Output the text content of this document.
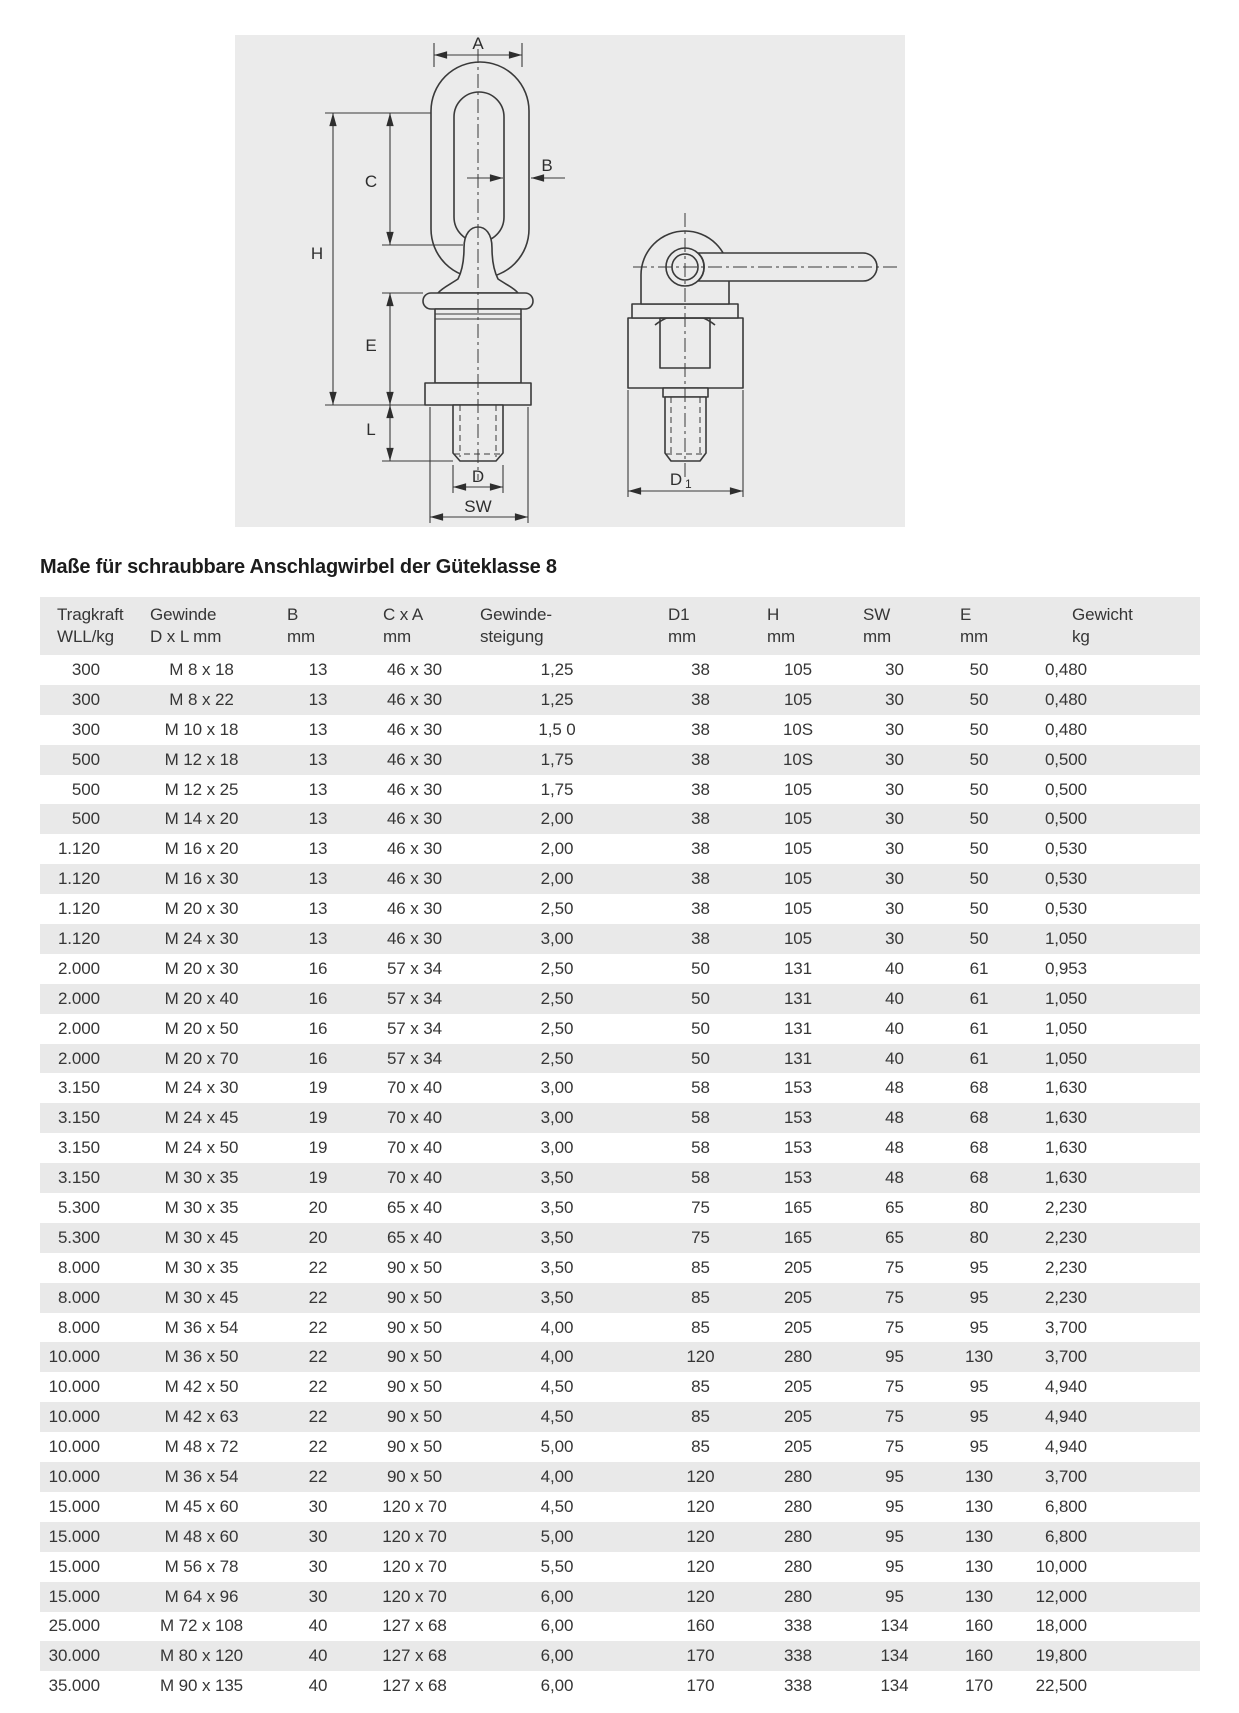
A
B
C
H
E
L
D
SW
D 1
Maße für schraubbare Anschlagwirbel der Güteklasse 8
Tragkraft
WLL/kg

Gewinde
D x L mm

B
mm

C x A
mm

Gewinde-
steigung

D1
mm

H
mm

SW
mm

E
mm

Gewicht
kg

300	M 8 x 18	13	46 x 30	1,25	38	105	30	50	0,480
300	M 8 x 22	13	46 x 30	1,25	38	105	30	50	0,480
300	M 10 x 18	13	46 x 30	1,5 0	38	10S	30	50	0,480
500	M 12 x 18	13	46 x 30	1,75	38	10S	30	50	0,500
500	M 12 x 25	13	46 x 30	1,75	38	105	30	50	0,500
500	M 14 x 20	13	46 x 30	2,00	38	105	30	50	0,500
1.120	M 16 x 20	13	46 x 30	2,00	38	105	30	50	0,530
1.120	M 16 x 30	13	46 x 30	2,00	38	105	30	50	0,530
1.120	M 20 x 30	13	46 x 30	2,50	38	105	30	50	0,530
1.120	M 24 x 30	13	46 x 30	3,00	38	105	30	50	1,050
2.000	M 20 x 30	16	57 x 34	2,50	50	131	40	61	0,953
2.000	M 20 x 40	16	57 x 34	2,50	50	131	40	61	1,050
2.000	M 20 x 50	16	57 x 34	2,50	50	131	40	61	1,050
2.000	M 20 x 70	16	57 x 34	2,50	50	131	40	61	1,050
3.150	M 24 x 30	19	70 x 40	3,00	58	153	48	68	1,630
3.150	M 24 x 45	19	70 x 40	3,00	58	153	48	68	1,630
3.150	M 24 x 50	19	70 x 40	3,00	58	153	48	68	1,630
3.150	M 30 x 35	19	70 x 40	3,50	58	153	48	68	1,630
5.300	M 30 x 35	20	65 x 40	3,50	75	165	65	80	2,230
5.300	M 30 x 45	20	65 x 40	3,50	75	165	65	80	2,230
8.000	M 30 x 35	22	90 x 50	3,50	85	205	75	95	2,230
8.000	M 30 x 45	22	90 x 50	3,50	85	205	75	95	2,230
8.000	M 36 x 54	22	90 x 50	4,00	85	205	75	95	3,700
10.000	M 36 x 50	22	90 x 50	4,00	120	280	95	130	3,700
10.000	M 42 x 50	22	90 x 50	4,50	85	205	75	95	4,940
10.000	M 42 x 63	22	90 x 50	4,50	85	205	75	95	4,940
10.000	M 48 x 72	22	90 x 50	5,00	85	205	75	95	4,940
10.000	M 36 x 54	22	90 x 50	4,00	120	280	95	130	3,700
15.000	M 45 x 60	30	120 x 70	4,50	120	280	95	130	6,800
15.000	M 48 x 60	30	120 x 70	5,00	120	280	95	130	6,800
15.000	M 56 x 78	30	120 x 70	5,50	120	280	95	130	10,000
15.000	M 64 x 96	30	120 x 70	6,00	120	280	95	130	12,000
25.000	M 72 x 108	40	127 x 68	6,00	160	338	134	160	18,000
30.000	M 80 x 120	40	127 x 68	6,00	170	338	134	160	19,800
35.000	M 90 x 135	40	127 x 68	6,00	170	338	134	170	22,500
